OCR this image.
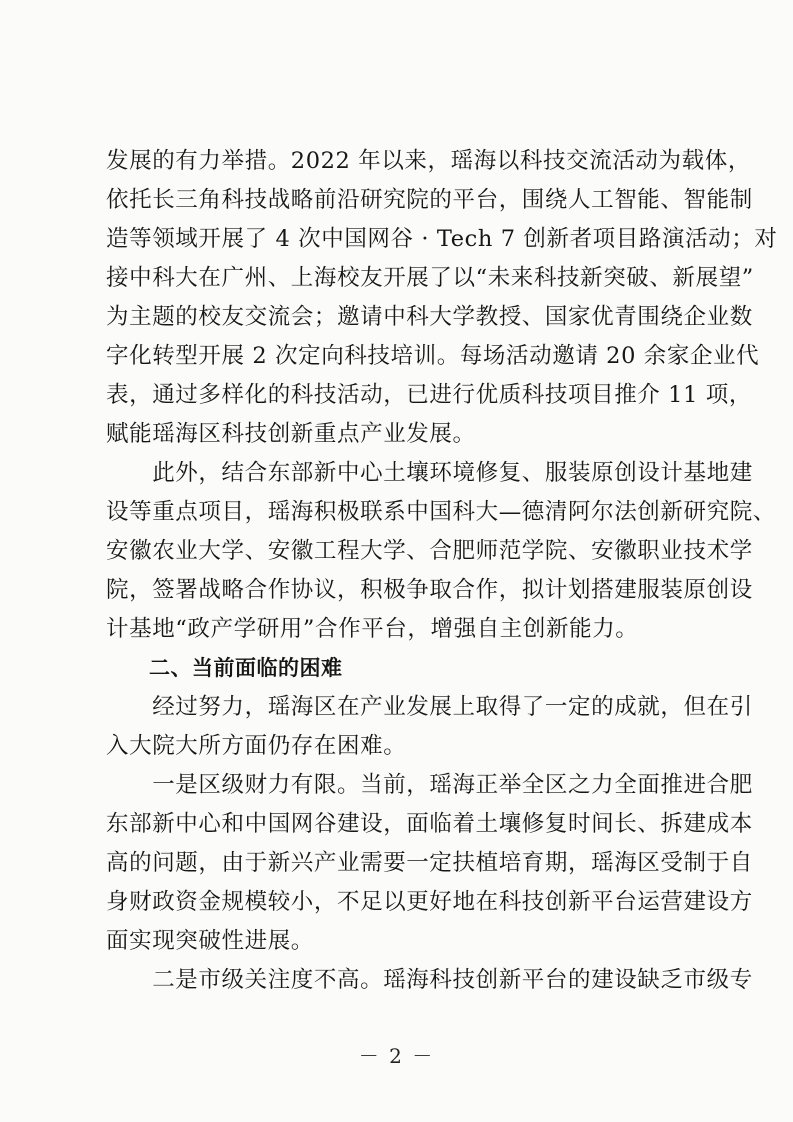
发展的有力举措。2022 年以来，瑶海以科技交流活动为载体，
依托长三角科技战略前沿研究院的平台，围绕人工智能、智能制
造等领域开展了 4 次中国网谷 · Tech 7 创新者项目路演活动；对
接中科大在广州、上海校友开展了以“未来科技新突破、新展望”
为主题的校友交流会；邀请中科大学教授、国家优青围绕企业数
字化转型开展 2 次定向科技培训。每场活动邀请 20 余家企业代
表，通过多样化的科技活动，已进行优质科技项目推介 11 项，
赋能瑶海区科技创新重点产业发展。
　　此外，结合东部新中心土壤环境修复、服装原创设计基地建
设等重点项目，瑶海积极联系中国科大—德清阿尔法创新研究院、
安徽农业大学、安徽工程大学、合肥师范学院、安徽职业技术学
院，签署战略合作协议，积极争取合作，拟计划搭建服装原创设
计基地“政产学研用”合作平台，增强自主创新能力。
　　二、当前面临的困难
　　经过努力，瑶海区在产业发展上取得了一定的成就，但在引
入大院大所方面仍存在困难。
　　一是区级财力有限。当前，瑶海正举全区之力全面推进合肥
东部新中心和中国网谷建设，面临着土壤修复时间长、拆建成本
高的问题，由于新兴产业需要一定扶植培育期，瑶海区受制于自
身财政资金规模较小，不足以更好地在科技创新平台运营建设方
面实现突破性进展。
　　二是市级关注度不高。瑶海科技创新平台的建设缺乏市级专
－ 2 －
